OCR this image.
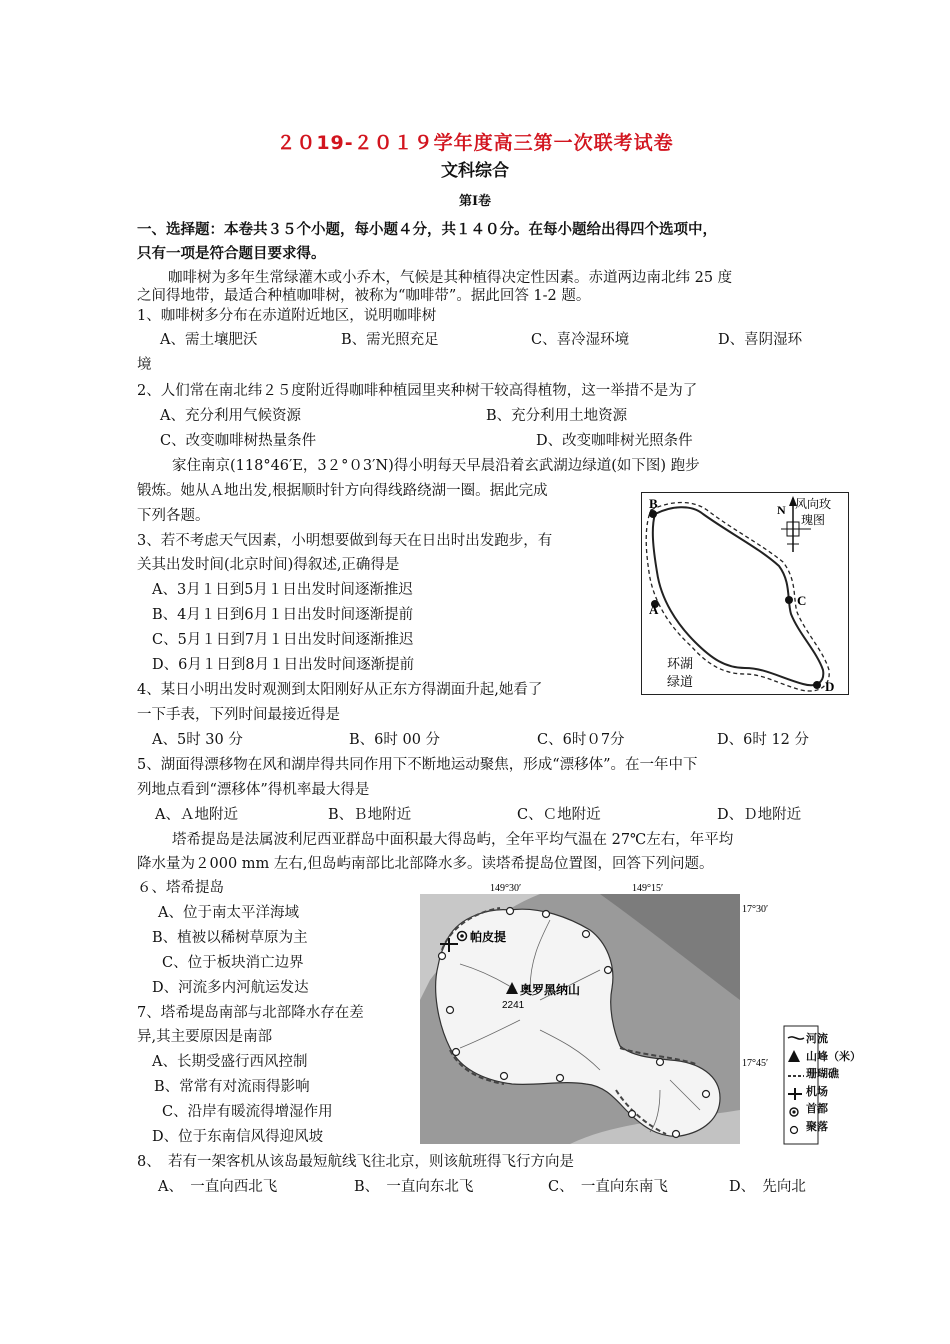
２０19-２０１９学年度高三第一次联考试卷
文科综合
第Ⅰ卷
一、选择题：本卷共３５个小题，每小题４分，共１４０分。在每小题给出得四个选项中，
只有一项是符合题目要求得。
咖啡树为多年生常绿灌木或小乔木，气候是其种植得决定性因素。赤道两边南北纬 25 度
之间得地带，最适合种植咖啡树，被称为“咖啡带”。据此回答 1-2 题。
1、咖啡树多分布在赤道附近地区，说明咖啡树
A、需土壤肥沃	B、需光照充足	C、喜冷湿环境	D、喜阴湿环
境
2、人们常在南北纬２５度附近得咖啡种植园里夹种树干较高得植物，这一举措不是为了
A、充分利用气候资源	B、充分利用土地资源
C、改变咖啡树热量条件	D、改变咖啡树光照条件
家住南京(118°46′E，3２°０3′N)得小明每天早晨沿着玄武湖边绿道(如下图) 跑步
锻炼。她从Ａ地出发,根据顺时针方向得线路绕湖一圈。据此完成
下列各题。
3、若不考虑天气因素，小明想要做到每天在日出时出发跑步，有
关其出发时间(北京时间)得叙述,正确得是
A、3月１日到5月１日出发时间逐渐推迟
B、4月１日到6月１日出发时间逐渐提前
C、5月１日到7月１日出发时间逐渐推迟
D、6月１日到8月１日出发时间逐渐提前
4、某日小明出发时观测到太阳刚好从正东方得湖面升起,她看了
一下手表，下列时间最接近得是
A、5时 30 分	B、6时 00 分	C、6时０7分	D、6时 12 分
5、湖面得漂移物在风和湖岸得共同作用下不断地运动聚焦，形成“漂移体”。在一年中下
列地点看到“漂移体”得机率最大得是
A、Ａ地附近	B、Ｂ地附近	C、Ｃ地附近	D、Ｄ地附近
塔希提岛是法属波利尼西亚群岛中面积最大得岛屿，全年平均气温在 27℃左右，年平均
降水量为２000 mm 左右,但岛屿南部比北部降水多。读塔希提岛位置图，回答下列问题。
６、塔希提岛
A、位于南太平洋海域
B、植被以稀树草原为主
C、位于板块消亡边界
D、河流多内河航运发达
7、塔希堤岛南部与北部降水存在差
异,其主要原因是南部
A、长期受盛行西风控制
B、常常有对流雨得影响
C、沿岸有暖流得增湿作用
D、位于东南信风得迎风坡
8、　若有一架客机从该岛最短航线飞往北京，则该航班得飞行方向是
A、　一直向西北飞	B、　一直向东北飞	C、　一直向东南飞	D、　先向北
B
A
C
D
N 风向玫
瑰图
环湖
绿道
帕皮提
奥罗黑纳山
2241
149°30′	149°15′
17°30′
17°45′
河流
山峰（米）
珊瑚礁
机场
首都
聚落
